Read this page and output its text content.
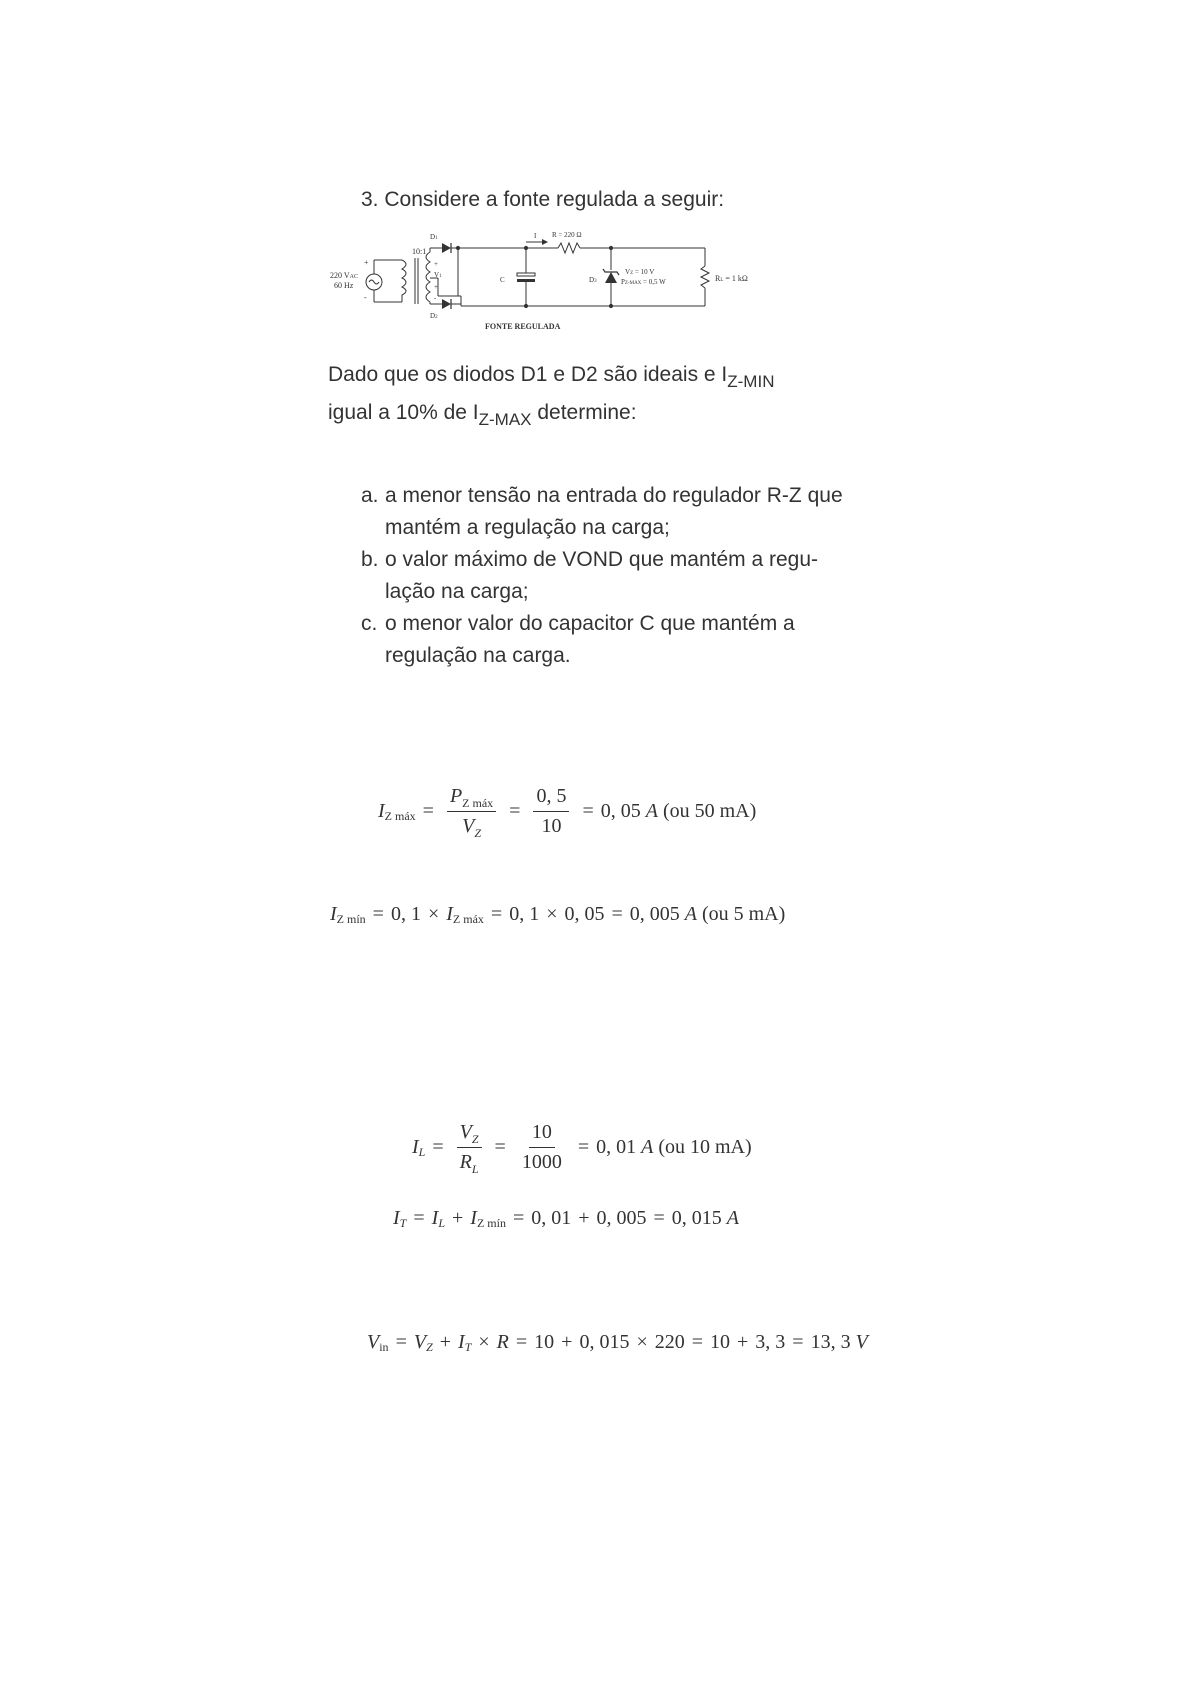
3. Considere a fonte regulada a seguir:
220 VAC
60 Hz
+
-
10:1
+
V1
+
-
D1
D2
C
I R = 220 Ω
D3
VZ = 10 V
PZ-MAX = 0,5 W	RL = 1 kΩ
FONTE REGULADA
Dado que os diodos D1 e D2 são ideais e $I_{Z-MIN}$
igual a 10% de $I_{Z-MAX}$ determine:
a. a menor tensão na entrada do regulador R-Z que mantém a regulação na carga;
b. o valor máximo de VOND que mantém a regu-lação na carga;
c. o menor valor do capacitor C que mantém a regulação na carga.
I Z máx = $\frac{P_{Z máx}}{V_Z} = \frac{0, 5}{10} = 0$, 05
A
(ou 50 mA)
I Z mín = 0, 1 × I Z máx = 0, 1 × 0, 05 = 0, 005
A
(ou 5 mA)
I $L = \frac{V_Z}{R_L} = \frac{10}{1000} = 0$, 01
A
(ou 10 mA)
I T = I L + I Z mín = 0, 01 + 0, 005 = 0, 015
A
V in = V Z + I T × R = 10 + 0, 015 × 220 = 10 + 3, 3 = 13, 3
V
